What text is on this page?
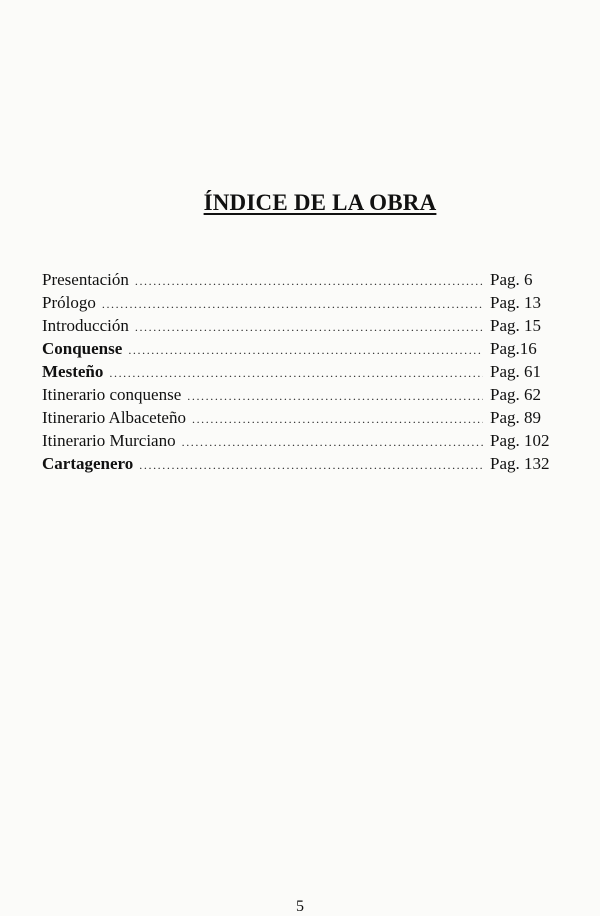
ÍNDICE DE LA OBRA
Presentación .....	Pag. 6
Prólogo .....	Pag. 13
Introducción .....	Pag. 15
Conquense .....	Pag.16
Mesteño .....	Pag. 61
Itinerario conquense .....	Pag. 62
Itinerario Albaceteño .....	Pag. 89
Itinerario Murciano .....	Pag. 102
Cartagenero .....	Pag. 132
5
